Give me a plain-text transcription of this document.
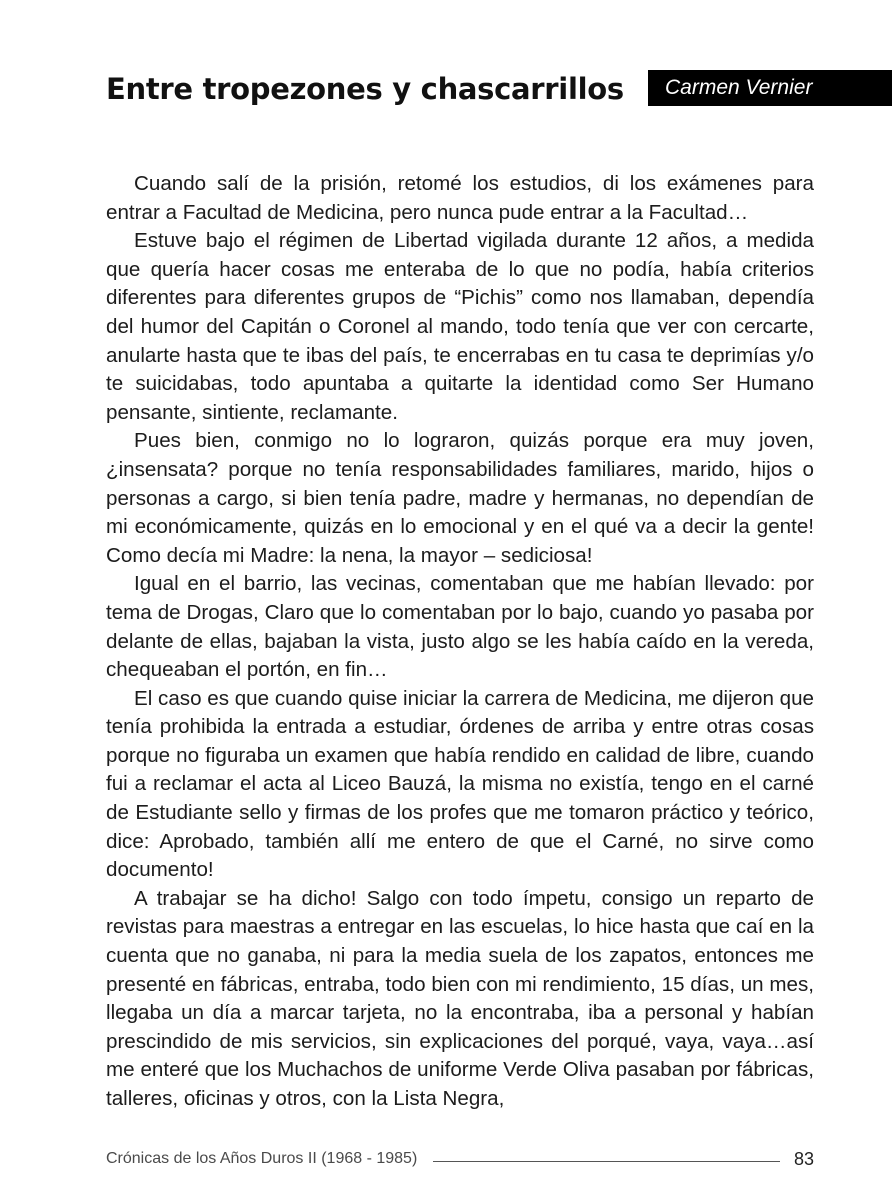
Entre tropezones y chascarrillos Carmen Vernier

Cuando salí de la prisión, retomé los estudios, di los exámenes para entrar a Facultad de Medicina, pero nunca pude entrar a la Facultad…

Estuve bajo el régimen de Libertad vigilada durante 12 años, a medida que quería hacer cosas me enteraba de lo que no podía, había criterios diferentes para diferentes grupos de “Pichis” como nos llamaban, dependía del humor del Capitán o Coronel al mando, todo tenía que ver con cercarte, anularte hasta que te ibas del país, te encerrabas en tu casa te deprimías y/o te suicidabas, todo apuntaba a quitarte la identidad como Ser Humano pensante, sintiente, reclamante.

Pues bien, conmigo no lo lograron, quizás porque era muy joven, ¿insensata? porque no tenía responsabilidades familiares, marido, hijos o personas a cargo, si bien tenía padre, madre y hermanas, no dependían de mi económicamente, quizás en lo emocional y en el qué va a decir la gente! Como decía mi Madre: la nena, la mayor – sediciosa!

Igual en el barrio, las vecinas, comentaban que me habían llevado: por tema de Drogas, Claro que lo comentaban por lo bajo, cuando yo pasaba por delante de ellas, bajaban la vista, justo algo se les había caído en la vereda, chequeaban el portón, en fin…

El caso es que cuando quise iniciar la carrera de Medicina, me dijeron que tenía prohibida la entrada a estudiar, órdenes de arriba y entre otras cosas porque no figuraba un examen que había rendido en calidad de libre, cuando fui a reclamar el acta al Liceo Bauzá, la misma no existía, tengo en el carné de Estudiante sello y firmas de los profes que me tomaron práctico y teórico, dice: Aprobado, también allí me entero de que el Carné, no sirve como documento!

A trabajar se ha dicho! Salgo con todo ímpetu, consigo un reparto de revistas para maestras a entregar en las escuelas, lo hice hasta que caí en la cuenta que no ganaba, ni para la media suela de los zapatos, entonces me presenté en fábricas, entraba, todo bien con mi rendimiento, 15 días, un mes, llegaba un día a marcar tarjeta, no la encontraba, iba a personal y habían prescindido de mis servicios, sin explicaciones del porqué, vaya, vaya…así me enteré que los Muchachos de uniforme Verde Oliva pasaban por fábricas, talleres, oficinas y otros, con la Lista Negra,

Crónicas de los Años Duros II (1968 - 1985)	83
